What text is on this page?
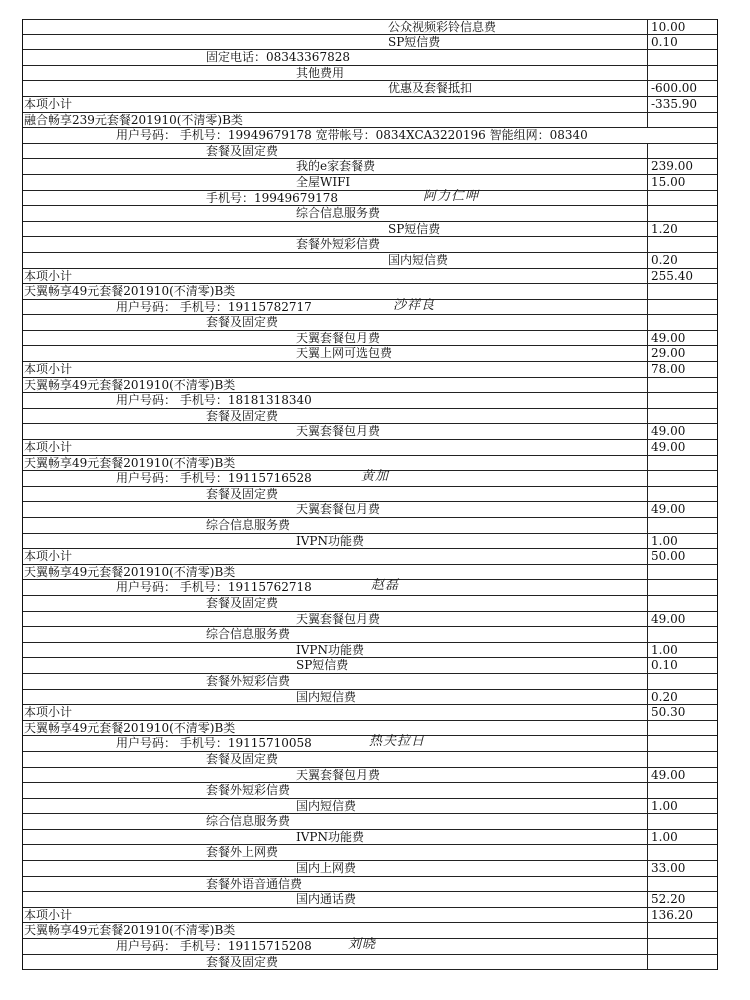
公众视频彩铃信息费	10.00
SP短信费	0.10
固定电话：08343367828
其他费用
优惠及套餐抵扣	-600.00
本项小计	-335.90
融合畅享239元套餐201910(不清零)B类
用户号码： 手机号：19949679178 宽带帐号：0834XCA3220196 智能组网：08340
套餐及固定费
我的e家套餐费	239.00
全屋WIFI	15.00
手机号：19949679178	阿力仁呷
综合信息服务费
SP短信费	1.20
套餐外短彩信费
国内短信费	0.20
本项小计	255.40
天翼畅享49元套餐201910(不清零)B类
用户号码： 手机号：19115782717	沙祥良
套餐及固定费
天翼套餐包月费	49.00
天翼上网可选包费	29.00
本项小计	78.00
天翼畅享49元套餐201910(不清零)B类
用户号码： 手机号：18181318340
套餐及固定费
天翼套餐包月费	49.00
本项小计	49.00
天翼畅享49元套餐201910(不清零)B类
用户号码： 手机号：19115716528	黄加
套餐及固定费
天翼套餐包月费	49.00
综合信息服务费
IVPN功能费	1.00
本项小计	50.00
天翼畅享49元套餐201910(不清零)B类
用户号码： 手机号：19115762718	赵磊
套餐及固定费
天翼套餐包月费	49.00
综合信息服务费
IVPN功能费	1.00
SP短信费	0.10
套餐外短彩信费
国内短信费	0.20
本项小计	50.30
天翼畅享49元套餐201910(不清零)B类
用户号码： 手机号：19115710058	热夫拉日
套餐及固定费
天翼套餐包月费	49.00
套餐外短彩信费
国内短信费	1.00
综合信息服务费
IVPN功能费	1.00
套餐外上网费
国内上网费	33.00
套餐外语音通信费
国内通话费	52.20
本项小计	136.20
天翼畅享49元套餐201910(不清零)B类
用户号码： 手机号：19115715208	刘晓
套餐及固定费
